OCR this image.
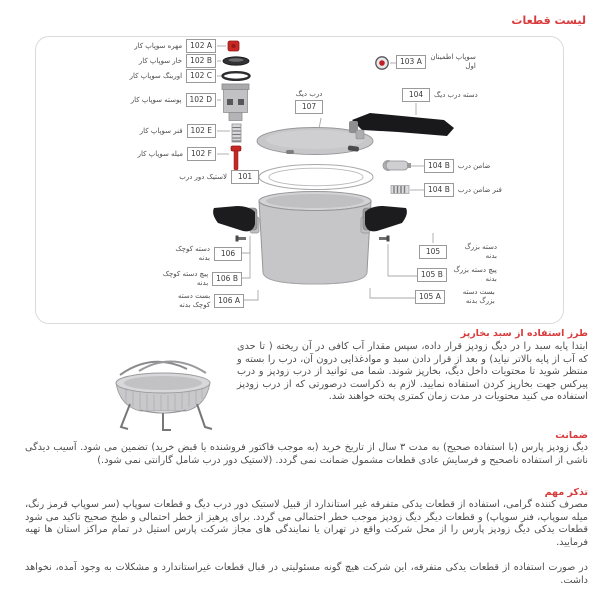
لیست قطعات
مهره سوپاپ کار	102 A
خار سوپاپ کار	102 B
اورینگ سوپاپ کار	102 C
پوسته سوپاپ کار	102 D
فنر سوپاپ کار	102 E
میله سوپاپ کار	102 F
لاستیک دور درب	101
دسته کوچک بدنه	106
پیچ دسته کوچک بدنه	106 B
بست دسته کوچک بدنه	106 A
درب دیگ
107
103 A	سوپاپ اطمینان اول
104	دسته درب دیگ
104 B	ضامن درب
104 B	فنر ضامن درب
105	دسته بزرگ بدنه
105 B	پیچ دسته بزرگ بدنه
105 A	بست دسته بزرگ بدنه
طرز استفاده از سبد بخارپز

ابتدا پایه سبد را در دیگ زودپز قرار داده، سپس مقدار آب کافی در آن ریخته ( تا حدی که آب از پایه بالاتر نیاید) و بعد از قرار دادن سبد و موادغذایی درون آن، درب را بسته و منتظر شوید تا محتویات داخل دیگ، بخارپز شوند. شما می توانید از درب زودپز و درب پیرکس جهت بخارپز کردن استفاده نمایید. لازم به ذکراست درصورتی که از درب زودپز استفاده می کنید محتویات در مدت زمان کمتری پخته خواهند شد.

ضمانت

دیگ زودپز پارس (با استفاده صحیح) به مدت ۳ سال از تاریخ خرید (به موجب فاکتور فروشنده یا قبض خرید) تضمین می شود. آسیب دیدگی ناشی از استفاده ناصحیح و فرسایش عادی قطعات مشمول ضمانت نمی گردد. (لاستیک دور درب شامل گارانتی نمی شود.)

تذکر مهم

مصرف کننده گرامی، استفاده از قطعات یدکی متفرقه غیر استاندارد از قبیل لاستیک دور درب دیگ و قطعات سوپاپ (سر سوپاپ قرمز رنگ، میله سوپاپ، فنر سوپاپ) و قطعات دیگر دیگ زودپز موجب خطر احتمالی می گردد. برای پرهیز از خطر احتمالی و طبخ صحیح تاکید می شود قطعات یدکی دیگ زودپز پارس را از محل شرکت واقع در تهران یا نمایندگی های مجاز شرکت پارس استیل در تمام مراکز استان ها تهیه فرمایید.

در صورت استفاده از قطعات یدکی متفرقه، این شرکت هیچ گونه مسئولیتی در قبال قطعات غیراستاندارد و مشکلات به وجود آمده، نخواهد داشت.
